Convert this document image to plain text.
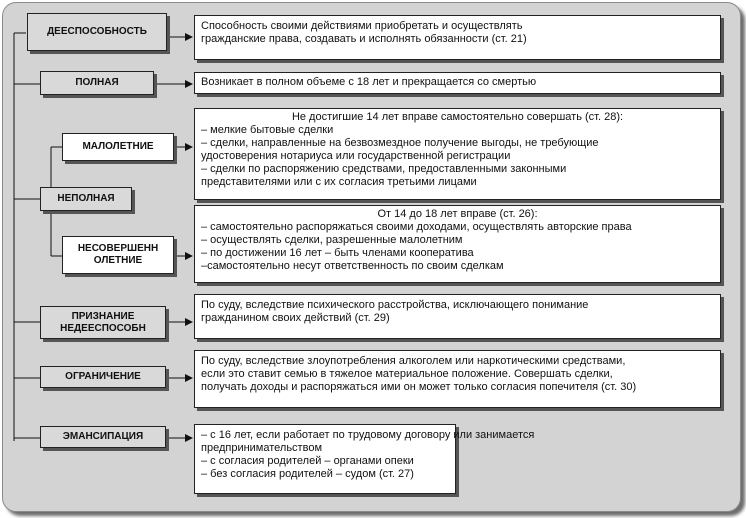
ДЕЕСПОСОБНОСТЬ
ПОЛНАЯ
МАЛОЛЕТНИЕ
НЕПОЛНАЯ
НЕСОВЕРШЕНН ОЛЕТНИЕ
ПРИЗНАНИЕ НЕДЕЕСПОСОБН
ОГРАНИЧЕНИЕ
ЭМАНСИПАЦИЯ
Способность своими действиями приобретать и осуществлять
гражданские права, создавать и исполнять обязанности (ст. 21)
Возникает в полном объеме с 18 лет и прекращается со смертью
Не достигшие 14 лет вправе самостоятельно совершать (ст. 28):
– мелкие бытовые сделки
– сделки, направленные на безвозмездное получение выгоды, не требующие
удостоверения нотариуса или государственной регистрации
– сделки по распоряжению средствами, предоставленными законными
представителями или с их согласия третьими лицами
От 14 до 18 лет вправе (ст. 26):
– самостоятельно распоряжаться своими доходами, осуществлять авторские права
– осуществлять сделки, разрешенные малолетним
– по достижении 16 лет – быть членами кооператива
–самостоятельно несут ответственность по своим сделкам
По суду, вследствие психического расстройства, исключающего понимание
гражданином своих действий (ст. 29)
По суду, вследствие злоупотребления алкоголем или наркотическими средствами,
если это ставит семью в тяжелое материальное положение. Совершать сделки,
получать доходы и распоряжаться ими он может только согласия попечителя (ст. 30)
– с 16 лет, если работает по трудовому договору или занимается
предпринимательством
– с согласия родителей – органами опеки
– без согласия родителей – судом (ст. 27)
